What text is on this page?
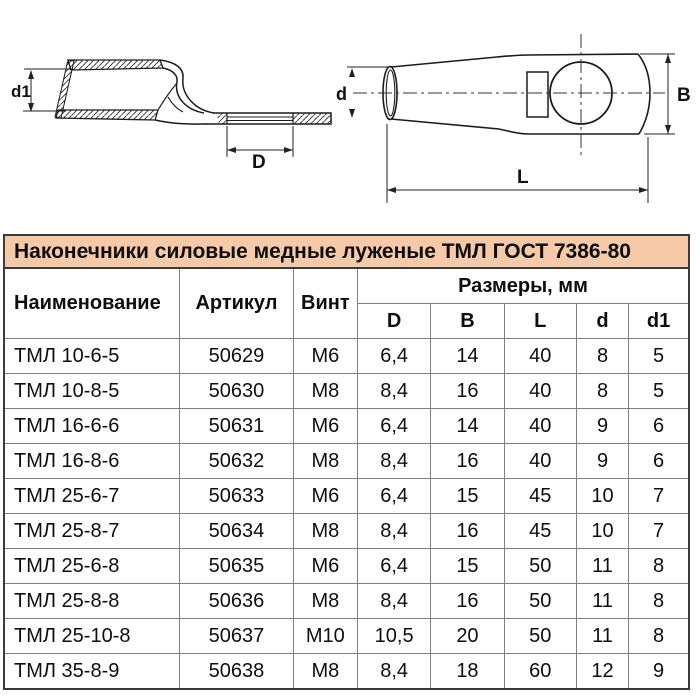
d1
D
d	B
L
Наконечники силовые медные луженые ТМЛ ГОСТ 7386-80							
Наименование	Артикул	Винт	Размеры, мм				
			D	B	L	d	d1
ТМЛ 10-6-5	50629	М6	6,4	14	40	8	5
ТМЛ 10-8-5	50630	М8	8,4	16	40	8	5
ТМЛ 16-6-6	50631	М6	6,4	14	40	9	6
ТМЛ 16-8-6	50632	М8	8,4	16	40	9	6
ТМЛ 25-6-7	50633	М6	6,4	15	45	10	7
ТМЛ 25-8-7	50634	М8	8,4	16	45	10	7
ТМЛ 25-6-8	50635	М6	6,4	15	50	11	8
ТМЛ 25-8-8	50636	М8	8,4	16	50	11	8
ТМЛ 25-10-8	50637	М10	10,5	20	50	11	8
ТМЛ 35-8-9	50638	М8	8,4	18	60	12	9
